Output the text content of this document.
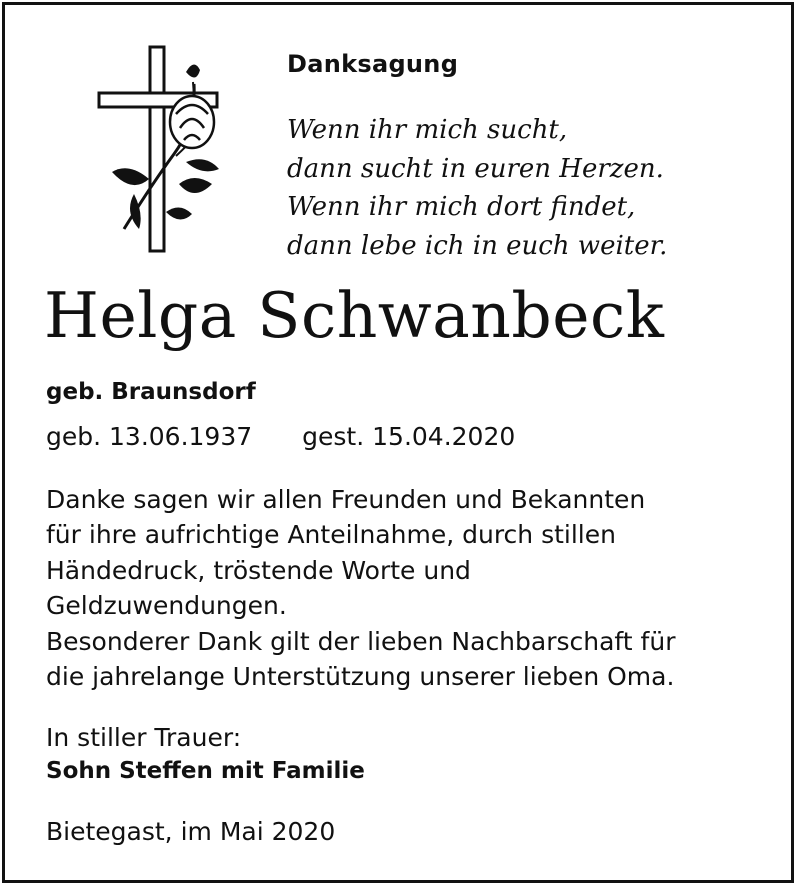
Danksagung
Wenn ihr mich sucht,
dann sucht in euren Herzen.
Wenn ihr mich dort findet,
dann lebe ich in euch weiter.
Helga Schwanbeck
geb. Braunsdorf
geb. 13.06.1937 gest. 15.04.2020
Danke sagen wir allen Freunden und Bekannten
für ihre aufrichtige Anteilnahme, durch stillen
Händedruck, tröstende Worte und
Geldzuwendungen.
Besonderer Dank gilt der lieben Nachbarschaft für
die jahrelange Unterstützung unserer lieben Oma.
In stiller Trauer:
Sohn Steffen mit Familie
Bietegast, im Mai 2020
